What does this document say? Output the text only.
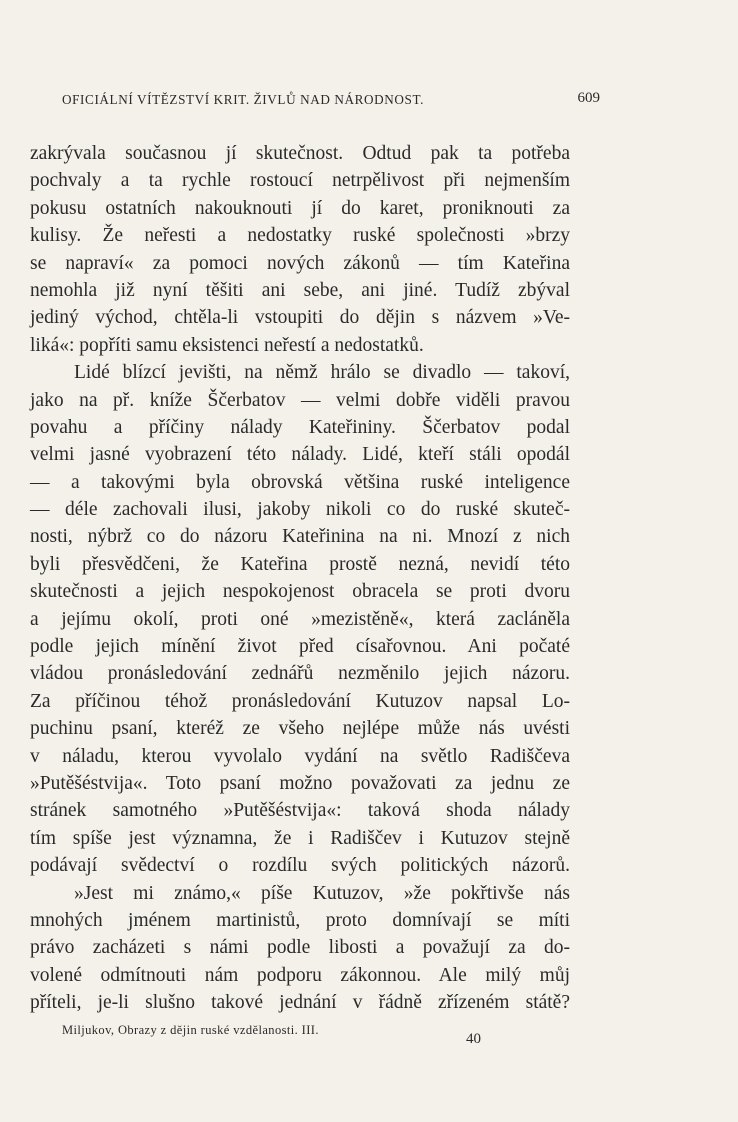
OFICIÁLNÍ VÍTĚZSTVÍ KRIT. ŽIVLŮ NAD NÁRODNOST.	609
zakrývala současnou jí skutečnost. Odtud pak ta potřeba
pochvaly a ta rychle rostoucí netrpělivost při nejmenším
pokusu ostatních nakouknouti jí do karet, proniknouti za
kulisy. Že neřesti a nedostatky ruské společnosti »brzy
se napraví« za pomoci nových zákonů — tím Kateřina
nemohla již nyní těšiti ani sebe, ani jiné. Tudíž zbýval
jediný východ, chtěla-li vstoupiti do dějin s názvem »Ve-
liká«: popříti samu eksistenci neřestí a nedostatků.
Lidé blízcí jevišti, na němž hrálo se divadlo — takoví,
jako na př. kníže Ščerbatov — velmi dobře viděli pravou
povahu a příčiny nálady Kateřininy. Ščerbatov podal
velmi jasné vyobrazení této nálady. Lidé, kteří stáli opodál
— a takovými byla obrovská většina ruské inteligence
— déle zachovali ilusi, jakoby nikoli co do ruské skuteč-
nosti, nýbrž co do názoru Kateřinina na ni. Mnozí z nich
byli přesvědčeni, že Kateřina prostě nezná, nevidí této
skutečnosti a jejich nespokojenost obracela se proti dvoru
a jejímu okolí, proti oné »mezistěně«, která zacláněla
podle jejich mínění život před císařovnou. Ani počaté
vládou pronásledování zednářů nezměnilo jejich názoru.
Za příčinou téhož pronásledování Kutuzov napsal Lo-
puchinu psaní, kteréž ze všeho nejlépe může nás uvésti
v náladu, kterou vyvolalo vydání na světlo Radiščeva
»Putěšéstvija«. Toto psaní možno považovati za jednu ze
stránek samotného »Putěšéstvija«: taková shoda nálady
tím spíše jest významna, že i Radiščev i Kutuzov stejně
podávají svědectví o rozdílu svých politických názorů.
»Jest mi známo,« píše Kutuzov, »že pokřtivše nás
mnohých jménem martinistů, proto domnívají se míti
právo zacházeti s námi podle libosti a považují za do-
volené odmítnouti nám podporu zákonnou. Ale milý můj
příteli, je-li slušno takové jednání v řádně zřízeném státě?
Miljukov, Obrazy z dějin ruské vzdělanosti. III.
40
